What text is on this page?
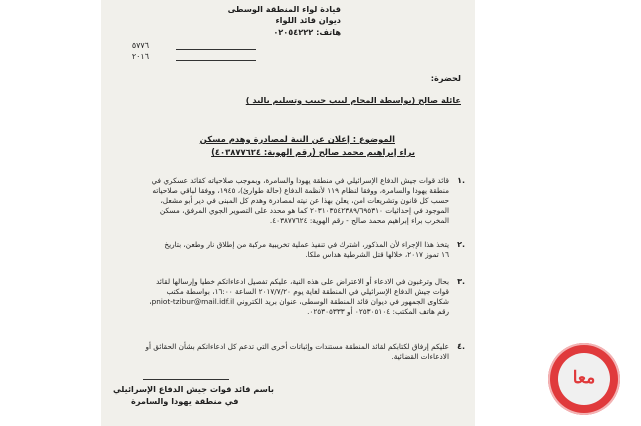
قيادة لواء المنطقة الوسطى
ديوان قائد اللواء
هاتف: ٠٢٠٥٤٢٢٢
٥٧٧٦
٢٠١٦
لحضرة:
عائلة صالح (بواسطة المحام لبيب حبيب وتسليم باليد )
الموضوع : إعلان عن النية لمصادرة وهدم مسكن
براء إبراهيم محمد صالح (رقم الهوية: ٤٠٣٨٧٧٦٢٤)
١.
قائد قوات جيش الدفاع الإسرائيلي في منطقة يهودا والسامرة، وبموجب صلاحياته كقائد عسكري في
منطقة يهودا والسامرة، ووفقا لنظام ١١٩ لأنظمة الدفاع (حالة طوارئ)، ١٩٤٥، ووفقا لباقي صلاحياته
حسب كل قانون وتشريعات امن، يعلن بهذا عن نيته لمصادرة وهدم كل المبنى في دير أبو مشعل،
الموجود في إحداثيات ٢٠٣١٠٣٥٤٢٣٨٩/٦٩٥٣١٠ كما هو محدد على التصوير الجوي المرفق، مسكن
المخرب براء إبراهيم محمد صالح - رقم الهوية: ٤٠٣٨٧٧٦٢٤.
٢.
يتخذ هذا الإجراء لأن المذكور، اشترك في تنفيذ عملية تخريبية مركبة من إطلاق نار وطعن، بتاريخ
١٦ تموز ٢٠١٧، خلالها قتل الشرطية هداس ملكا.
٣.
بحال وترغبون في الادعاء أو الاعتراض على هذه النية، عليكم تفصيل ادعاءاتكم خطيا وإرسالها لقائد
قوات جيش الدفاع الإسرائيلي في المنطقة لغاية يوم ٢٠١٧/٧/٢٠ الساعة ١٦:٠٠، بواسطة مكتب
شكاوى الجمهور في ديوان قائد المنطقة الوسطى، عنوان بريد الكتروني pniot-tzibur@mail.idf.il،
رقم هاتف المكتب: ٠٢٥٣٠٥١٠٤ أو ٠٢٥٣٠٥٣٣٣.
٤.
عليكم إرفاق لكتابكم لقائد المنطقة مستندات وإثباتات أخرى التي تدعم كل ادعاءاتكم بشأن الحقائق أو
الادعاءات القضائية.
باسم قائد قوات جيش الدفاع الإسرائيلي
في منطقة يهودا والسامرة
معا
